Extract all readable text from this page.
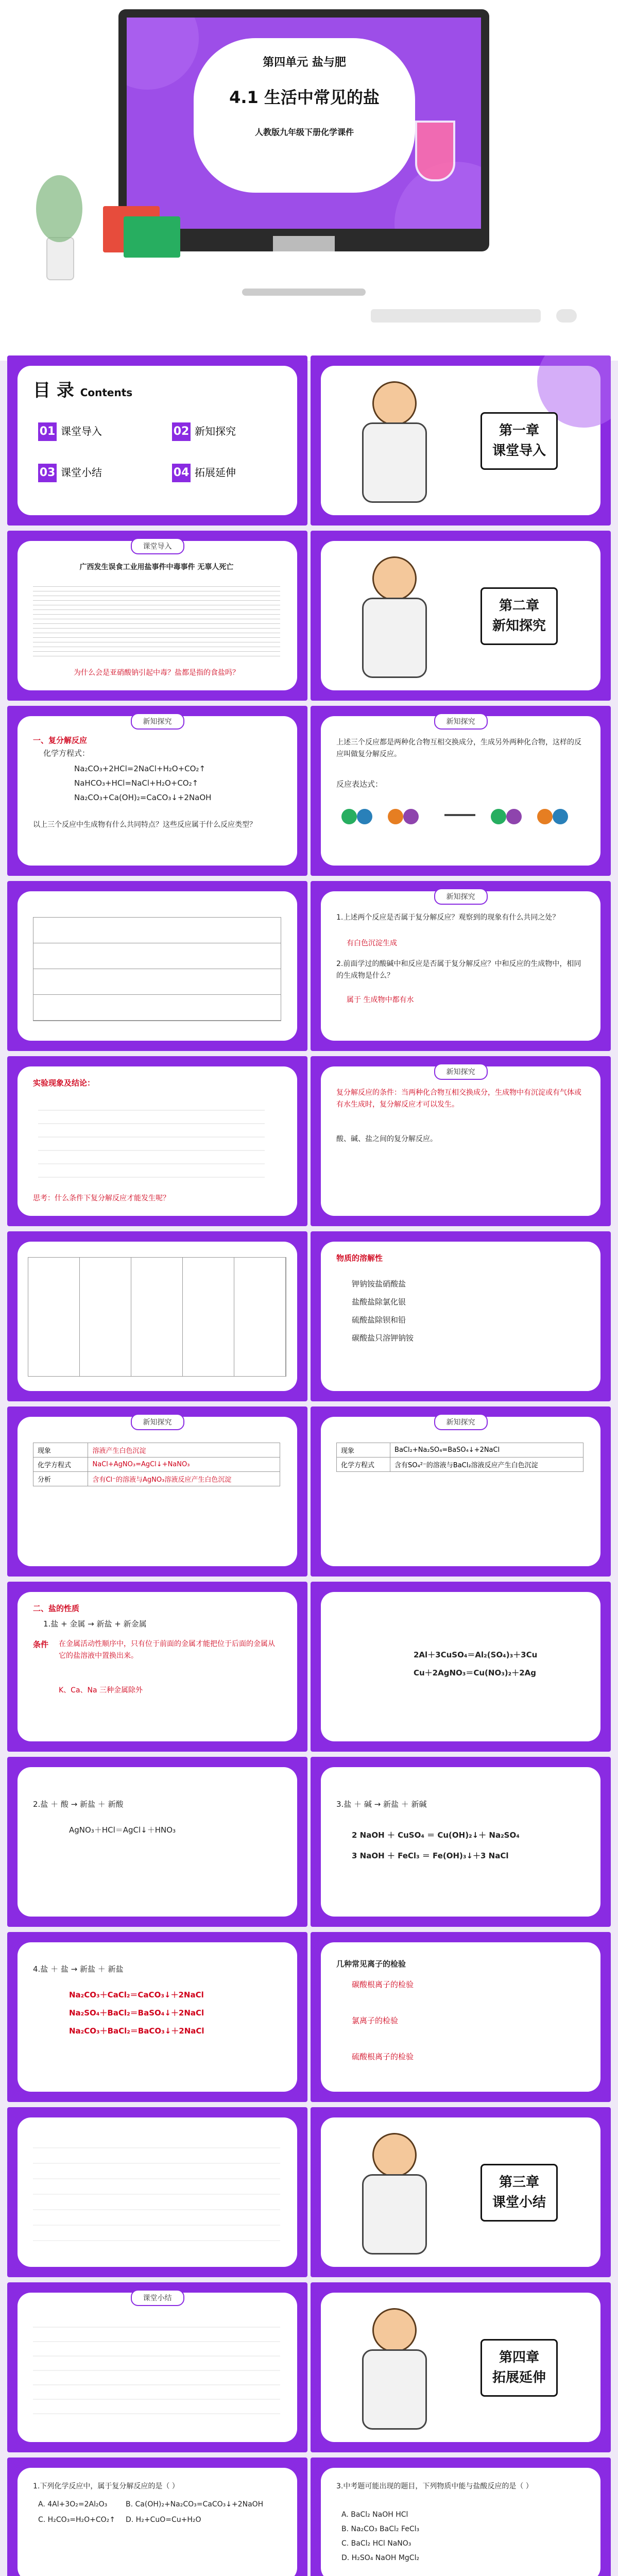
第四单元 盐与肥
4.1 生活中常见的盐
人教版九年级下册化学课件
目 录 Contents
01 课堂导入	02 新知探究
03 课堂小结	04 拓展延伸
第一章
课堂导入
课堂导入
广西发生误食工业用盐事件中毒事件 无辜人死亡
为什么会是亚硝酸钠引起中毒？盐都是指的食盐吗？
第二章
新知探究
新知探究
一、复分解反应
化学方程式：
Na₂CO₃+2HCl=2NaCl+H₂O+CO₂↑
NaHCO₃+HCl=NaCl+H₂O+CO₂↑
Na₂CO₃+Ca(OH)₂=CaCO₃↓+2NaOH
以上三个反应中生成物有什么共同特点？这些反应属于什么反应类型？
新知探究
上述三个反应都是两种化合物互相交换成分，生成另外两种化合物，这样的反应叫做复分解反应。
反应表达式：
新知探究
1.上述两个反应是否属于复分解反应？观察到的现象有什么共同之处？
有白色沉淀生成
2.前面学过的酸碱中和反应是否属于复分解反应？中和反应的生成物中，相同的生成物是什么？
属于 生成物中都有水
实验现象及结论：
思考：什么条件下复分解反应才能发生呢？
新知探究
复分解反应的条件：当两种化合物互相交换成分，生成物中有沉淀或有气体或有水生成时，复分解反应才可以发生。
酸、碱、盐之间的复分解反应。
物质的溶解性
钾钠铵盐硝酸盐
盐酸盐除氯化银
硫酸盐除钡和铅
碳酸盐只溶钾钠铵
新知探究
现象	溶液产生白色沉淀
化学方程式	NaCl+AgNO₃=AgCl↓+NaNO₃
分析	含有Cl⁻的溶液与AgNO₃溶液反应产生白色沉淀
新知探究
现象	BaCl₂+Na₂SO₄=BaSO₄↓+2NaCl
化学方程式	含有SO₄²⁻的溶液与BaCl₂溶液反应产生白色沉淀
二、盐的性质
1.盐 + 金属 → 新盐 + 新金属
条件 在金属活动性顺序中，只有位于前面的金属才能把位于后面的金属从它的盐溶液中置换出来。
K、Ca、Na 三种金属除外
2Al＋3CuSO₄＝Al₂(SO₄)₃＋3Cu
Cu＋2AgNO₃＝Cu(NO₃)₂＋2Ag
2.盐 ＋ 酸 → 新盐 ＋ 新酸
AgNO₃＋HCl＝AgCl↓＋HNO₃
3.盐 ＋ 碱 → 新盐 ＋ 新碱
2 NaOH ＋ CuSO₄ ＝ Cu(OH)₂↓＋ Na₂SO₄
3 NaOH ＋ FeCl₃ ＝ Fe(OH)₃↓＋3 NaCl
4.盐 ＋ 盐 → 新盐 ＋ 新盐
Na₂CO₃＋CaCl₂＝CaCO₃↓＋2NaCl
Na₂SO₄＋BaCl₂＝BaSO₄↓＋2NaCl
Na₂CO₃＋BaCl₂＝BaCO₃↓＋2NaCl
几种常见离子的检验
碳酸根离子的检验
氯离子的检验
硫酸根离子的检验
第三章
课堂小结
课堂小结
第四章
拓展延伸
1.下列化学反应中，属于复分解反应的是（ ）
A. 4Al+3O₂=2Al₂O₃	B. Ca(OH)₂+Na₂CO₃=CaCO₃↓+2NaOH
C. H₂CO₃=H₂O+CO₂↑ D. H₂+CuO=Cu+H₂O
3.中考题可能出现的题目，下列物质中能与盐酸反应的是（ ）
A. BaCl₂ NaOH HCl
B. Na₂CO₃ BaCl₂ FeCl₃
C. BaCl₂ HCl NaNO₃
D. H₂SO₄ NaOH MgCl₂
